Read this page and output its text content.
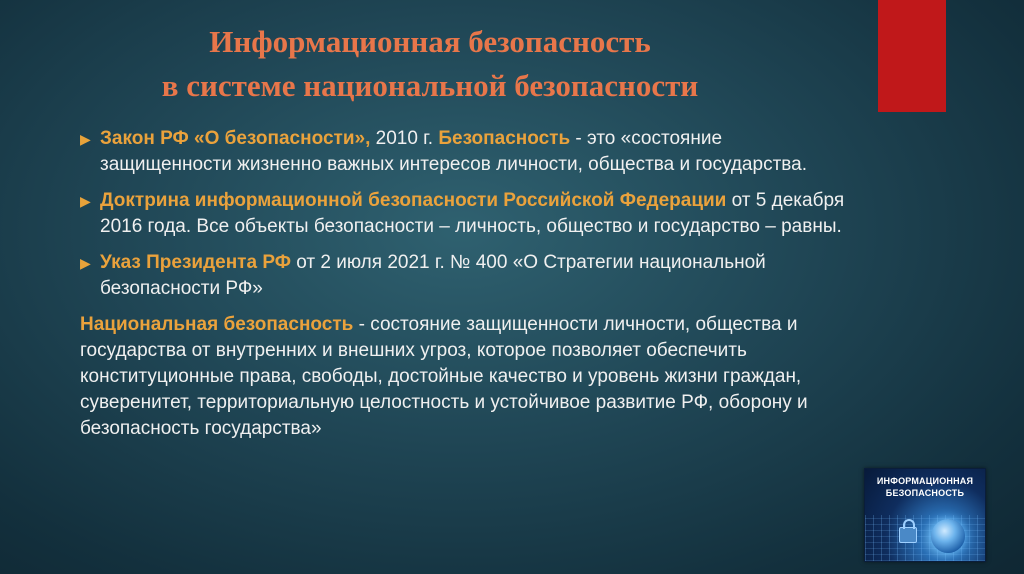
Информационная безопасность
в системе национальной безопасности

▶ Закон РФ «О безопасности», 2010 г. Безопасность - это «состояние защищенности жизненно важных интересов личности, общества и государства.

▶ Доктрина информационной безопасности Российской Федерации от 5 декабря 2016 года. Все объекты безопасности – личность, общество и государство – равны.

▶ Указ Президента РФ от 2 июля 2021 г. № 400 «О Стратегии национальной безопасности РФ»

Национальная безопасность - состояние защищенности личности, общества и государства от внутренних и внешних угроз, которое позволяет обеспечить конституционные права, свободы, достойные качество и уровень жизни граждан, суверенитет, территориальную целостность и устойчивое развитие РФ, оборону и безопасность государства»

ИНФОРМАЦИОННАЯ
БЕЗОПАСНОСТЬ
